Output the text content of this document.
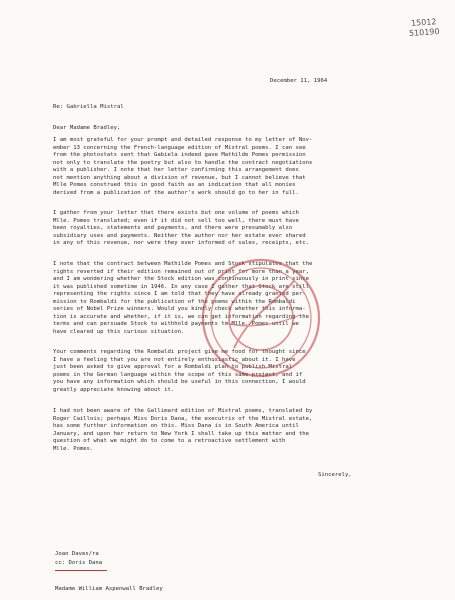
15012
510190
December 11, 1964
Re: Gabriella Mistral
Dear Madame Bradley,
I am most grateful for your prompt and detailed response to my letter of Nov-
ember 13 concerning the French-language edition of Mistral poems. I can see
from the photostats sent that Gabiela indeed gave Mathilde Pomes permission
not only to translate the poetry but also to handle the contract negotiations
with a publisher. I note that her letter confirming this arrangement does
not mention anything about a division of revenue, but I cannot believe that
Mlle Pomes construed this in good faith as an indication that all monies
derived from a publication of the author's work should go to her in full.
I gather from your letter that there exists but one volume of poems which
Mlle. Pomes translated; even if it did not sell too well, there must have
been royalties, statements and payments, and there were presumably also
subsidiary uses and payments. Neither the author nor her estate ever shared
in any of this revenue, nor were they ever informed of sales, receipts, etc.
I note that the contract between Mathilde Pomes and Stock stipulates that the
rights reverted if their edition remained out of print for more than a year,
and I am wondering whether the Stock edition was continuously in print since
it was published sometime in 1946. In any case I gather that Stock are still
representing the rights since I am told that they have already granted per-
mission to Rombaldi for the publication of the poems within the Rombaldi
series of Nobel Prize winners. Would you kindly check whether this informa-
tion is accurate and whether, if it is, we can get information regarding the
terms and can persuade Stock to withhold payments to Mlle. Pomes until we
have cleared up this curious situation.
Your comments regarding the Rombaldi project give me food for thought since
I have a feeling that you are not entirely enthusiastic about it. I have
just been asked to give approval for a Rombaldi plan to publish Mistral
poems in the German language within the scope of this same project, and if
you have any information which should be useful in this connection, I would
greatly appreciate knowing about it.
I had not been aware of the Gallimard edition of Mistral poems, translated by
Roger Caillois; perhaps Miss Doris Dana, the executrix of the Mistral estate,
has some further information on this. Miss Dana is in South America until
January, and upon her return to New York I shall take up this matter and the
question of what we might do to come to a retroactive settlement with
Mlle. Pomes.
Sincerely,
Joan Daves/ra
cc: Doris Dana
Madame William Aspenwall Bradley
